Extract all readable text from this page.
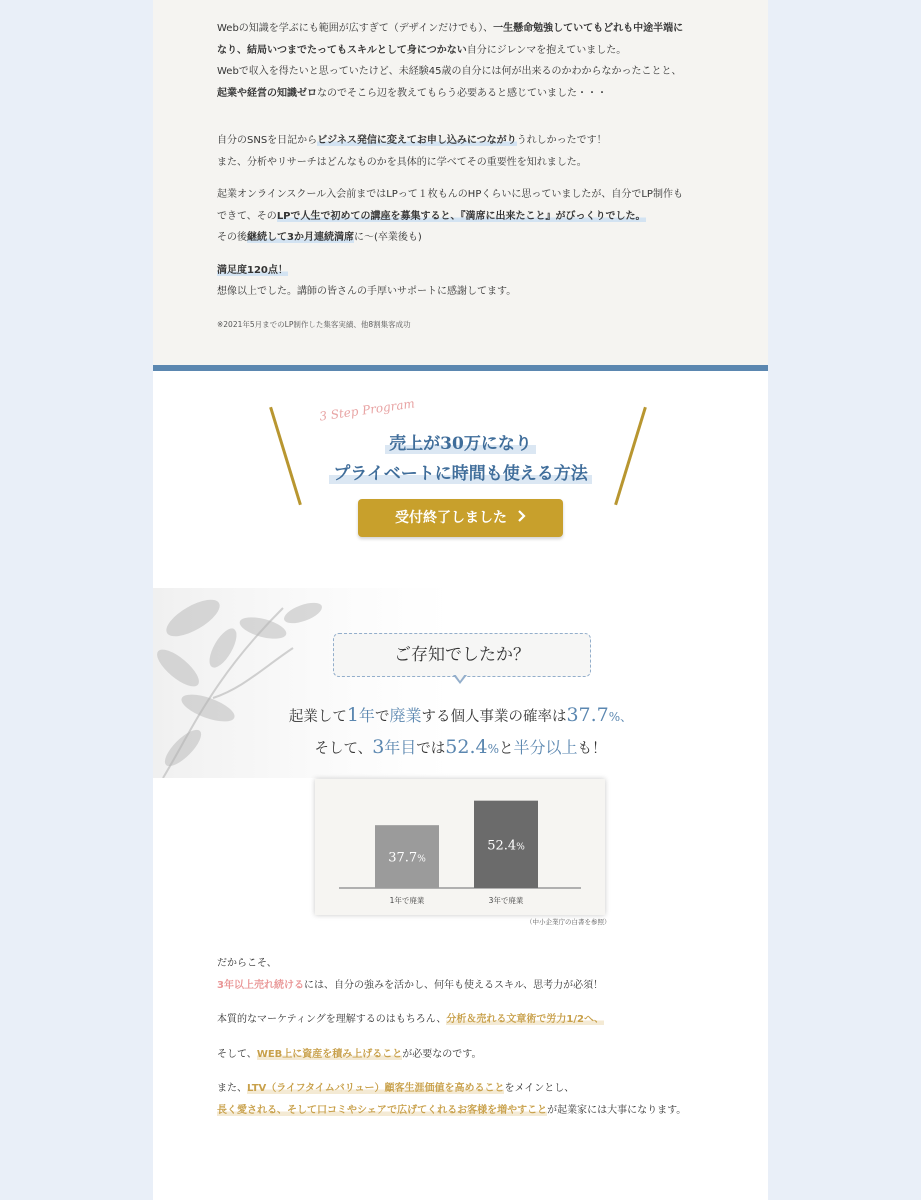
Webの知識を学ぶにも範囲が広すぎて（デザインだけでも）、一生懸命勉強していてもどれも中途半端に

なり、結局いつまでたってもスキルとして身につかない自分にジレンマを抱えていました。

Webで収入を得たいと思っていたけど、未経験45歳の自分には何が出来るのかわからなかったことと、

起業や経営の知識ゼロなのでそこら辺を教えてもらう必要あると感じていました・・・

自分のSNSを日記からビジネス発信に変えてお申し込みにつながりうれしかったです！

また、分析やリサーチはどんなものかを具体的に学べてその重要性を知れました。

起業オンラインスクール入会前まではLPって１枚もんのHPくらいに思っていましたが、自分でLP制作も

できて、そのLPで人生で初めての講座を募集すると、『満席に出来たこと』がびっくりでした。

その後継続して3か月連続満席に〜(卒業後も)

満足度120点！

想像以上でした。講師の皆さんの手厚いサポートに感謝してます。

※2021年5月までのLP制作した集客実績、他8割集客成功

3 Step Program
売上が30万になり
プライベートに時間も使える方法
受付終了しました
ご存知でしたか？
起業して1年で廃業する個人事業の確率は37.7%、
そして、3年目では52.4%と半分以上も！
37.7%
1年で廃業
52.4%
3年で廃業
（中小企業庁の白書を参照）

だからこそ、

3年以上売れ続けるには、自分の強みを活かし、何年も使えるスキル、思考力が必須！

本質的なマーケティングを理解するのはもちろん、分析＆売れる文章術で労力1/2へ、

そして、WEB上に資産を積み上げることが必要なのです。

また、LTV（ライフタイムバリュー）顧客生涯価値を高めることをメインとし、

長く愛される、そして口コミやシェアで広げてくれるお客様を増やすことが起業家には大事になります。
